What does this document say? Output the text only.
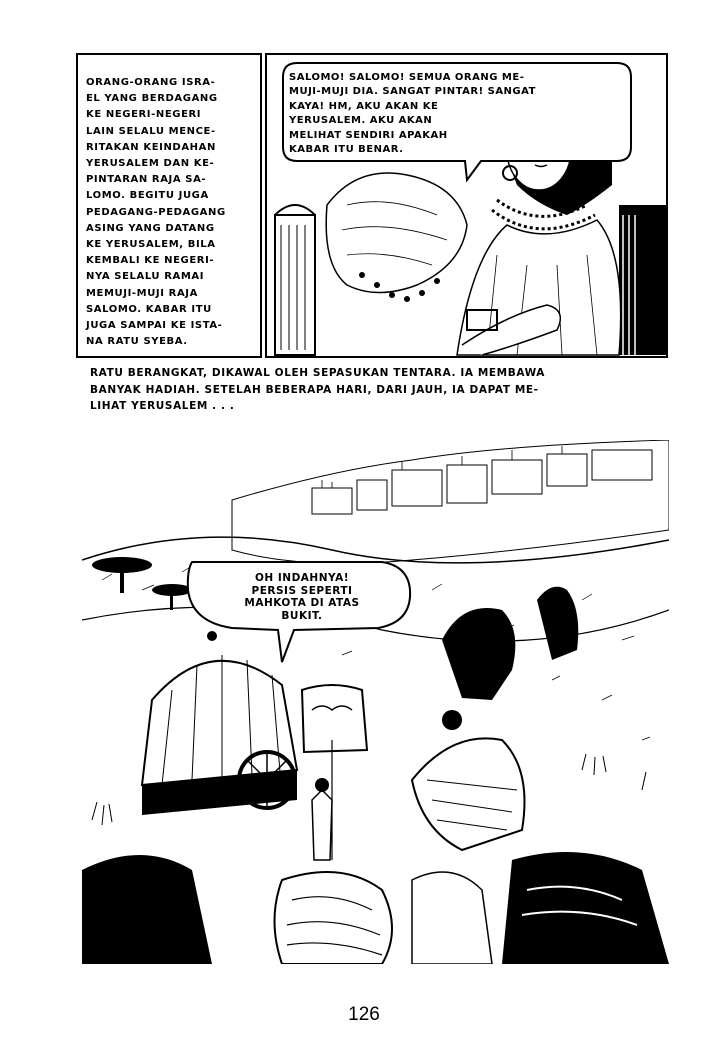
ORANG-ORANG ISRA-
EL YANG BERDAGANG
KE NEGERI-NEGERI
LAIN SELALU MENCE-
RITAKAN KEINDAHAN
YERUSALEM DAN KE-
PINTARAN RAJA SA-
LOMO. BEGITU JUGA
PEDAGANG-PEDAGANG
ASING YANG DATANG
KE YERUSALEM, BILA
KEMBALI KE NEGERI-
NYA SELALU RAMAI
MEMUJI-MUJI RAJA
SALOMO. KABAR ITU
JUGA SAMPAI KE ISTA-
NA RATU SYEBA.
SALOMO! SALOMO! SEMUA ORANG ME-
MUJI-MUJI DIA. SANGAT PINTAR! SANGAT
KAYA! HM, AKU AKAN KE
YERUSALEM. AKU AKAN
MELIHAT SENDIRI APAKAH
KABAR ITU BENAR.
RATU BERANGKAT, DIKAWAL OLEH SEPASUKAN TENTARA. IA MEMBAWA
BANYAK HADIAH. SETELAH BEBERAPA HARI, DARI JAUH, IA DAPAT ME-
LIHAT YERUSALEM . . .
OH INDAHNYA!
PERSIS SEPERTI
MAHKOTA DI ATAS
BUKIT.
126
